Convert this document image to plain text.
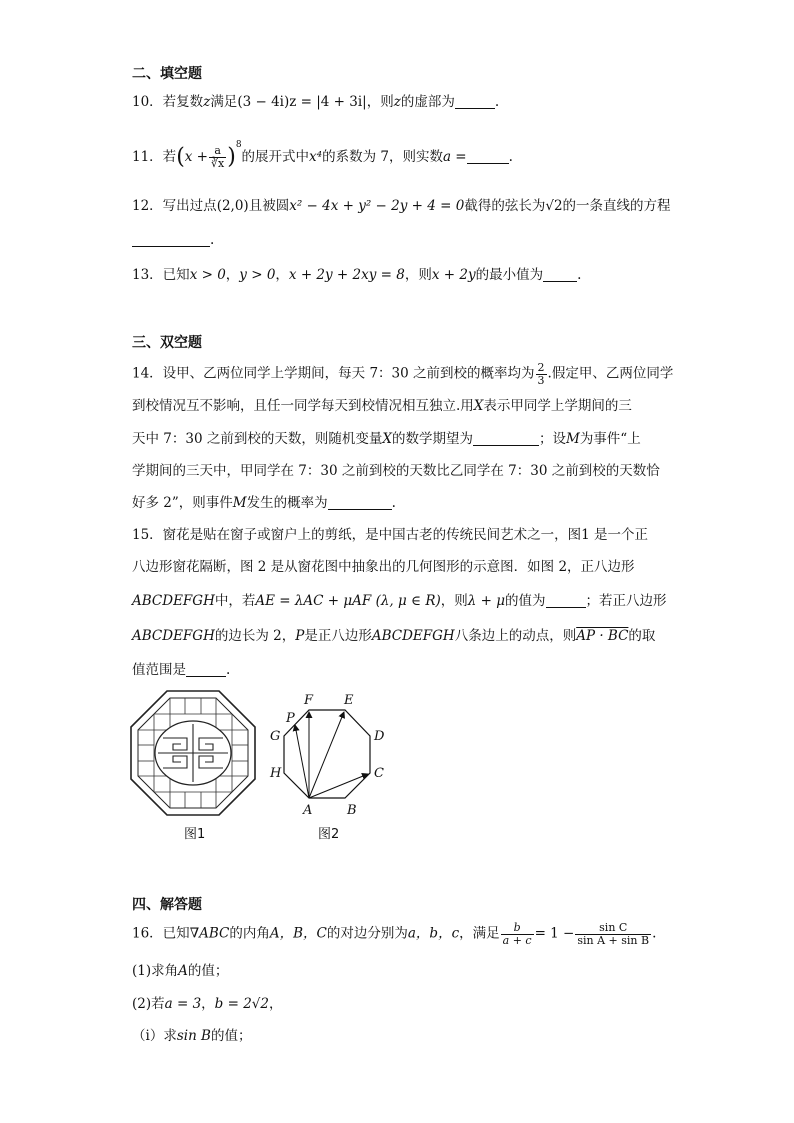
二、填空题
10．若复数z满足(3 − 4i)z = |4 + 3i|，则z的虚部为	.
11．若$(x + \frac{a}{∛x} )^8$的展开式中x⁴的系数为 7，则实数a =	.
12．写出过点(2,0)且被圆x² − 4x + y² − 2y + 4 = 0截得的弦长为√2的一条直线的方程
.
13．已知x > 0，y > 0，x + 2y + 2xy = 8，则x + 2y的最小值为	.
三、双空题
14．设甲、乙两位同学上学期间，每天 7：30 之前到校的概率均为 $\frac{2}{3}$ .假定甲、乙两位同学
到校情况互不影响，且任一同学每天到校情况相互独立.用X表示甲同学上学期间的三
天中 7：30 之前到校的天数，则随机变量X的数学期望为	；设M为事件“上
学期间的三天中，甲同学在 7：30 之前到校的天数比乙同学在 7：30 之前到校的天数恰
好多 2”，则事件M发生的概率为	.
15．窗花是贴在窗子或窗户上的剪纸，是中国古老的传统民间艺术之一，图1 是一个正
八边形窗花隔断，图 2 是从窗花图中抽象出的几何图形的示意图．如图 2，正八边形
ABCDEFGH中，若AE = λAC + μAF (λ, μ ∈ R)，则λ + μ的值为	；若正八边形
ABCDEFGH的边长为 2，P是正八边形ABCDEFGH八条边上的动点，则AP · BC的取
值范围是	.
图1
A	B
C
D
E
F
G
H
P
图2
四、解答题
16．已知∇ABC的内角A，B，C的对边分别为a，b，c，满足 $\frac{b}{a + c} = 1 - \frac{\text{sin C}}{\text{sin A + sin B}}$ .
(1)求角A的值；
(2)若a = 3，b = 2√2，
（ⅰ）求sin B的值；
